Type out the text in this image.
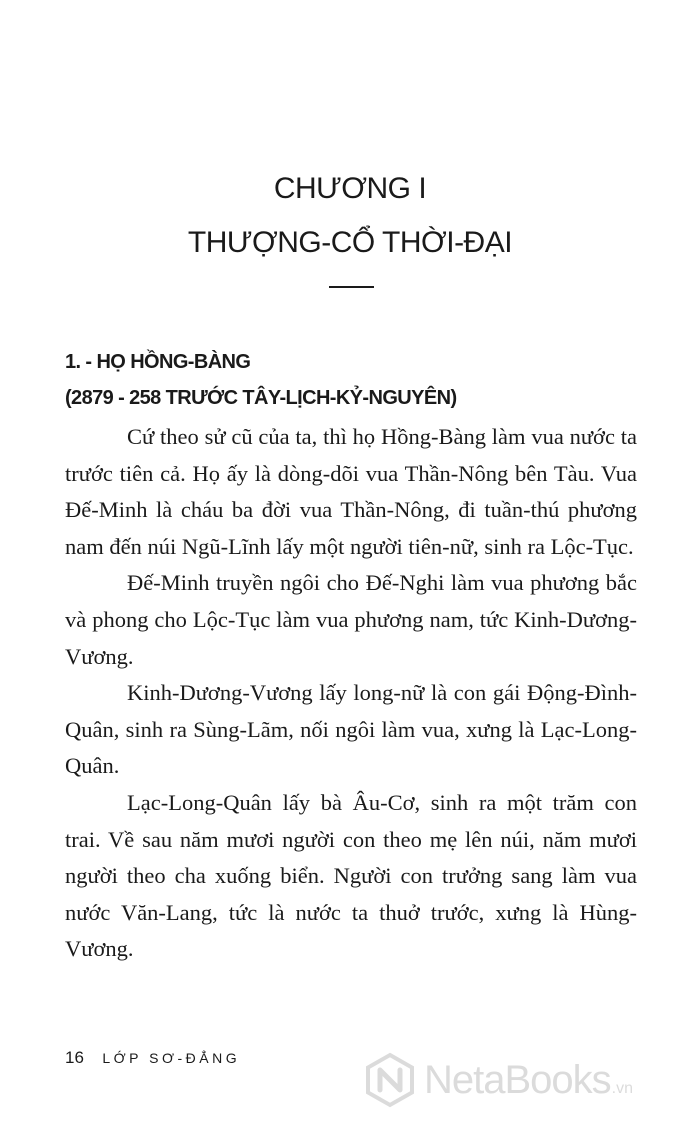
CHƯƠNG I
THƯỢNG-CỔ THỜI-ĐẠI
1. - HỌ HỒNG-BÀNG
(2879 - 258 TRƯỚC TÂY-LỊCH-KỶ-NGUYÊN)

Cứ theo sử cũ của ta, thì họ Hồng-Bàng làm vua nước ta trước tiên cả. Họ ấy là dòng-dõi vua Thần-Nông bên Tàu. Vua Đế-Minh là cháu ba đời vua Thần-Nông, đi tuần-thú phương nam đến núi Ngũ-Lĩnh lấy một người tiên-nữ, sinh ra Lộc-Tục.

Đế-Minh truyền ngôi cho Đế-Nghi làm vua phương bắc và phong cho Lộc-Tục làm vua phương nam, tức Kinh-Dương-Vương.

Kinh-Dương-Vương lấy long-nữ là con gái Động-Đình-Quân, sinh ra Sùng-Lãm, nối ngôi làm vua, xưng là Lạc-Long-Quân.

Lạc-Long-Quân lấy bà Âu-Cơ, sinh ra một trăm con trai. Về sau năm mươi người con theo mẹ lên núi, năm mươi người theo cha xuống biển. Người con trưởng sang làm vua nước Văn-Lang, tức là nước ta thuở trước, xưng là Hùng-Vương.

16 LỚP SƠ-ĐẲNG	NetaBooks .vn
